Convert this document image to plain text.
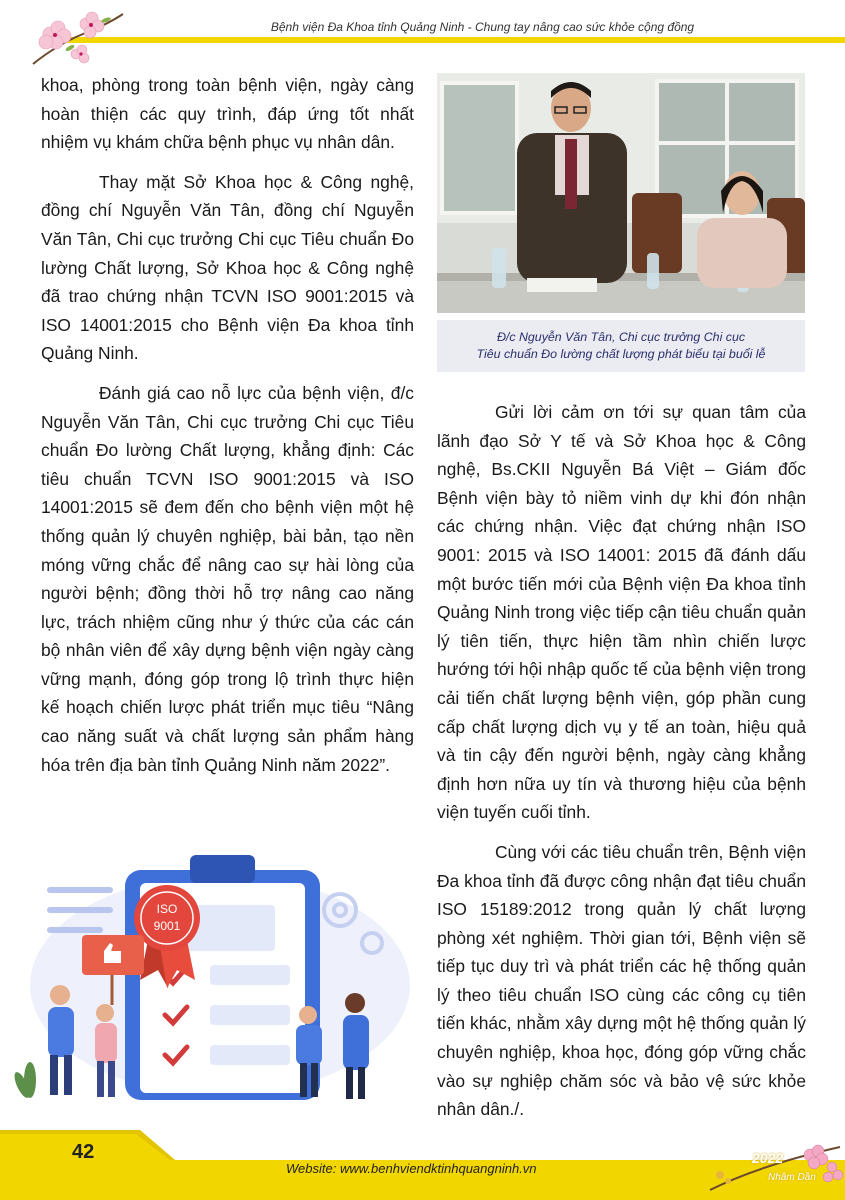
Bệnh viện Đa Khoa tỉnh Quảng Ninh - Chung tay nâng cao sức khỏe cộng đồng

khoa, phòng trong toàn bệnh viện, ngày càng hoàn thiện các quy trình, đáp ứng tốt nhất nhiệm vụ khám chữa bệnh phục vụ nhân dân.

Thay mặt Sở Khoa học & Công nghệ, đồng chí Nguyễn Văn Tân, đồng chí Nguyễn Văn Tân, Chi cục trưởng Chi cục Tiêu chuẩn Đo lường Chất lượng, Sở Khoa học & Công nghệ đã trao chứng nhận TCVN ISO 9001:2015 và ISO 14001:2015 cho Bệnh viện Đa khoa tỉnh Quảng Ninh.

Đánh giá cao nỗ lực của bệnh viện, đ/c Nguyễn Văn Tân, Chi cục trưởng Chi cục Tiêu chuẩn Đo lường Chất lượng, khẳng định: Các tiêu chuẩn TCVN ISO 9001:2015 và ISO 14001:2015 sẽ đem đến cho bệnh viện một hệ thống quản lý chuyên nghiệp, bài bản, tạo nền móng vững chắc để nâng cao sự hài lòng của người bệnh; đồng thời hỗ trợ nâng cao năng lực, trách nhiệm cũng như ý thức của các cán bộ nhân viên để xây dựng bệnh viện ngày càng vững mạnh, đóng góp trong lộ trình thực hiện kế hoạch chiến lược phát triển mục tiêu “Nâng cao năng suất và chất lượng sản phẩm hàng hóa trên địa bàn tỉnh Quảng Ninh năm 2022”.

Đ/c Nguyễn Văn Tân, Chi cục trưởng Chi cục
Tiêu chuẩn Đo lường chất lượng phát biểu tại buổi lễ

Gửi lời cảm ơn tới sự quan tâm của lãnh đạo Sở Y tế và Sở Khoa học & Công nghệ, Bs.CKII Nguyễn Bá Việt – Giám đốc Bệnh viện bày tỏ niềm vinh dự khi đón nhận các chứng nhận. Việc đạt chứng nhận ISO 9001: 2015 và ISO 14001: 2015 đã đánh dấu một bước tiến mới của Bệnh viện Đa khoa tỉnh Quảng Ninh trong việc tiếp cận tiêu chuẩn quản lý tiên tiến, thực hiện tầm nhìn chiến lược hướng tới hội nhập quốc tế của bệnh viện trong cải tiến chất lượng bệnh viện, góp phần cung cấp chất lượng dịch vụ y tế an toàn, hiệu quả và tin cậy đến người bệnh, ngày càng khẳng định hơn nữa uy tín và thương hiệu của bệnh viện tuyến cuối tỉnh.

Cùng với các tiêu chuẩn trên, Bệnh viện Đa khoa tỉnh đã được công nhận đạt tiêu chuẩn ISO 15189:2012 trong quản lý chất lượng phòng xét nghiệm. Thời gian tới, Bệnh viện sẽ tiếp tục duy trì và phát triển các hệ thống quản lý theo tiêu chuẩn ISO cùng các công cụ tiên tiến khác, nhằm xây dựng một hệ thống quản lý chuyên nghiệp, khoa học, đóng góp vững chắc vào sự nghiệp chăm sóc và bảo vệ sức khỏe nhân dân./.

ISO
9001
42
Website: www.benhviendktinhquangninh.vn
2022
Nhâm Dần
